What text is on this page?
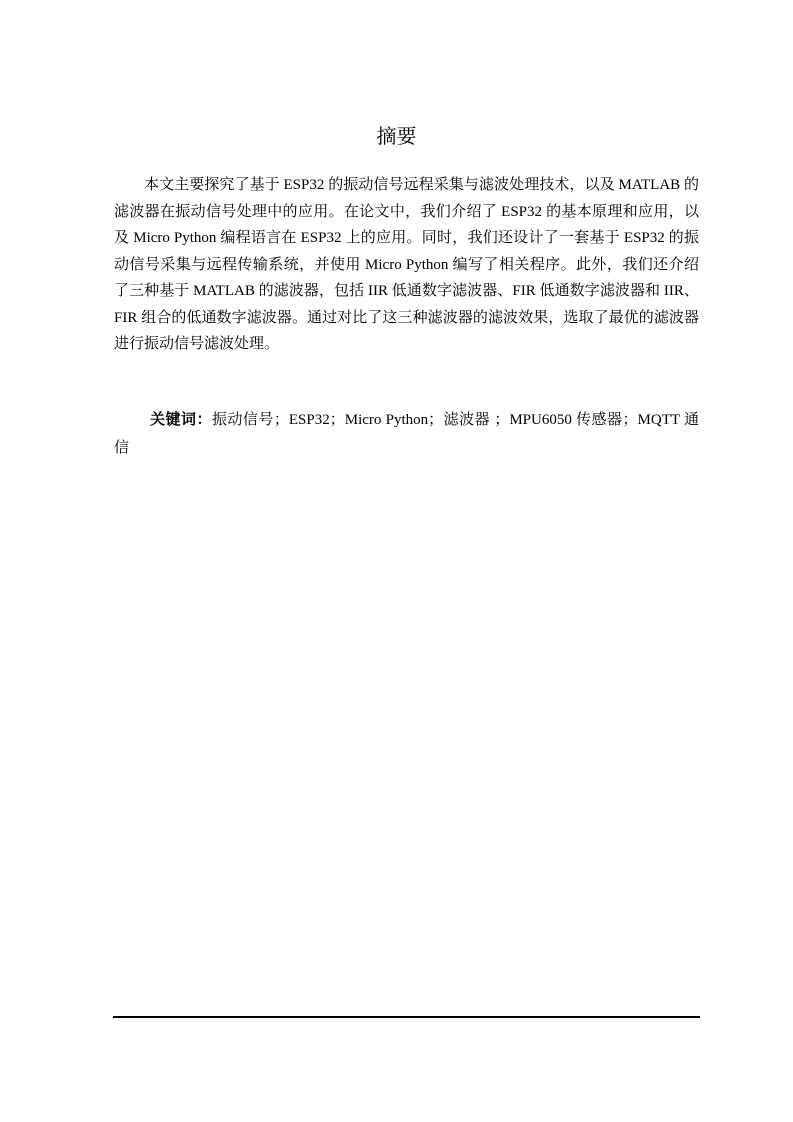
摘要

本文主要探究了基于 ESP32 的振动信号远程采集与滤波处理技术，以及 MATLAB 的滤波器在振动信号处理中的应用。在论文中，我们介绍了 ESP32 的基本原理和应用，以及 Micro Python 编程语言在 ESP32 上的应用。同时，我们还设计了一套基于 ESP32 的振动信号采集与远程传输系统，并使用 Micro Python 编写了相关程序。此外，我们还介绍了三种基于 MATLAB 的滤波器，包括 IIR 低通数字滤波器、FIR 低通数字滤波器和 IIR、FIR 组合的低通数字滤波器。通过对比了这三种滤波器的滤波效果，选取了最优的滤波器进行振动信号滤波处理。

关键词：振动信号；ESP32；Micro Python；滤波器 ；MPU6050 传感器；MQTT 通信
